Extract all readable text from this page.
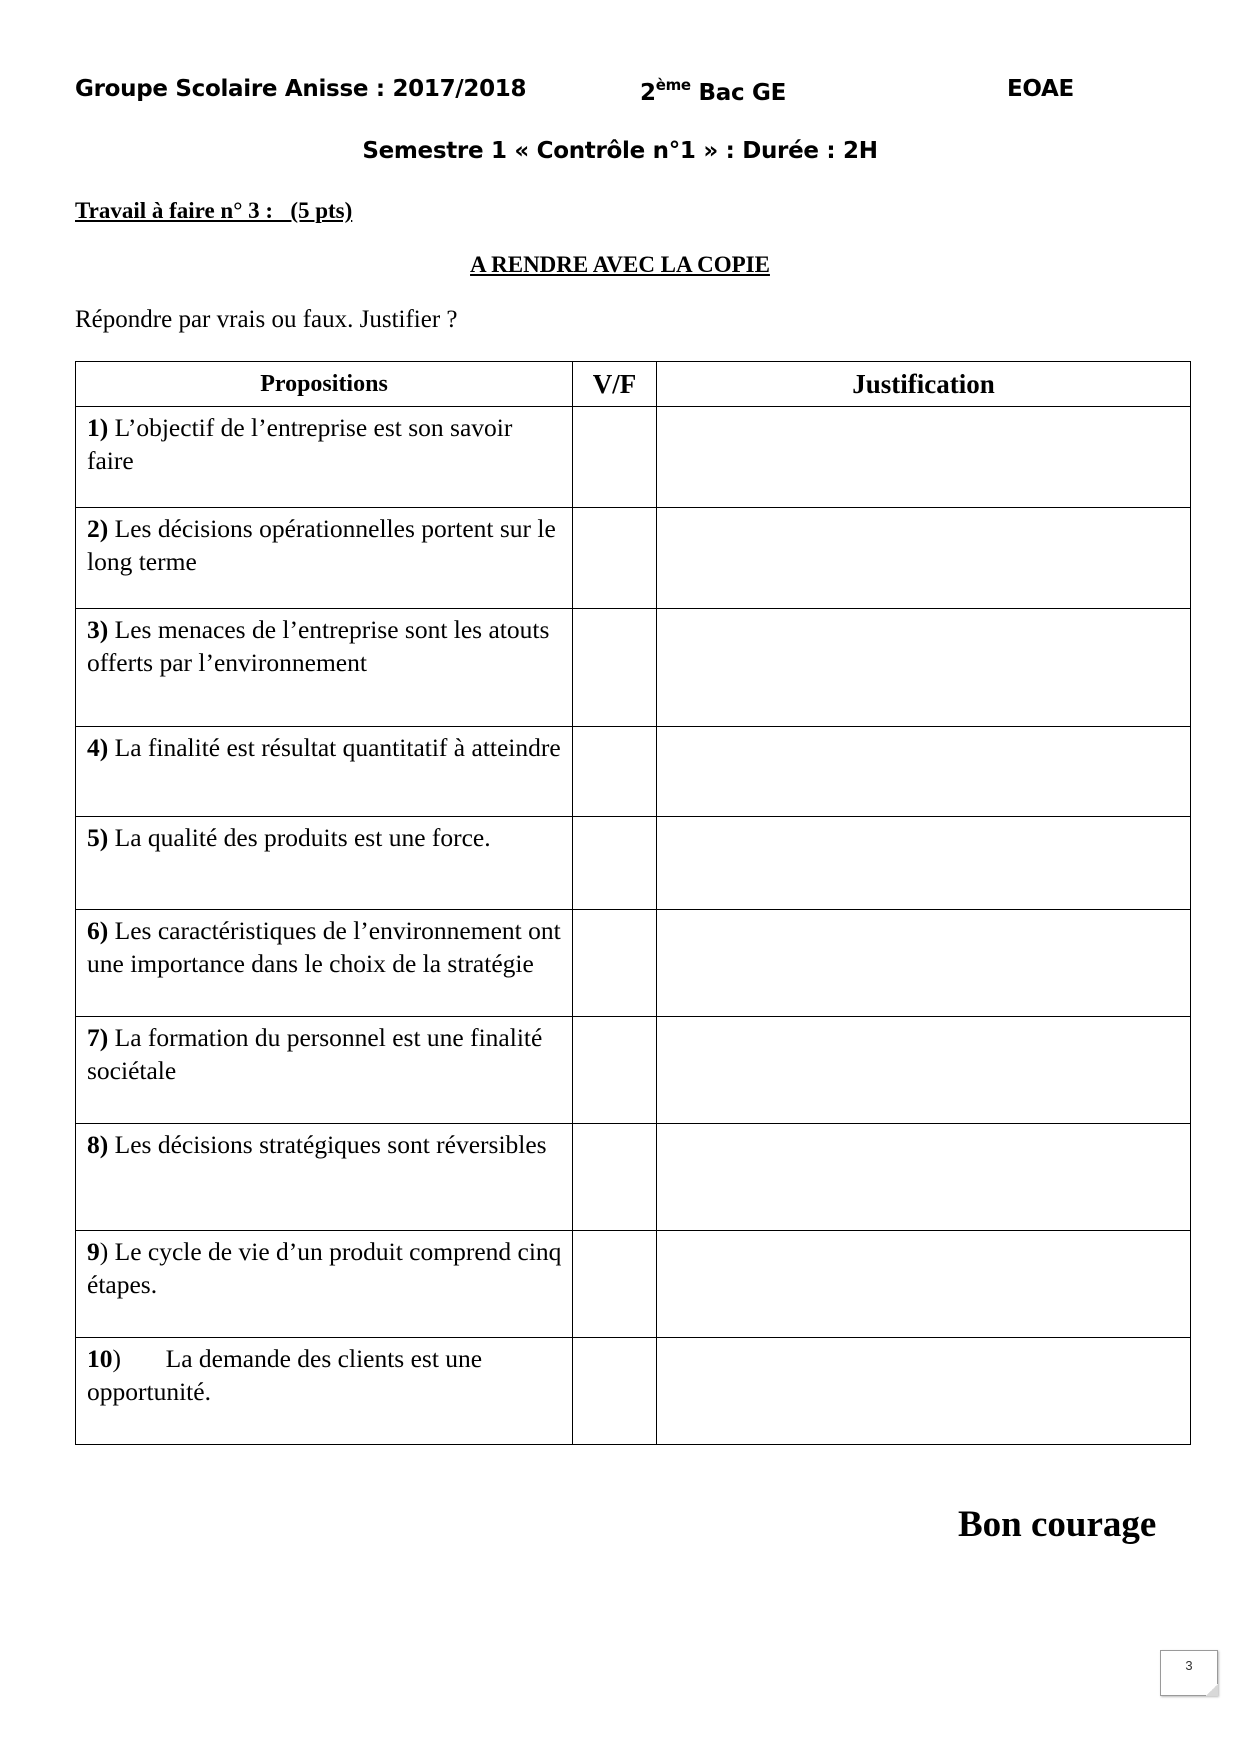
Groupe Scolaire Anisse : 2017/2018	2ème Bac GE	EOAE
Semestre 1 « Contrôle n°1 » : Durée : 2H
Travail à faire n° 3 :   (5 pts)
A RENDRE AVEC LA COPIE
Répondre par vrais ou faux. Justifier ?
Propositions	V/F	Justification
1) L’objectif de l’entreprise est son savoir faire		
2) Les décisions opérationnelles portent sur le long terme		
3) Les menaces de l’entreprise sont les atouts offerts par l’environnement		
4) La finalité est résultat quantitatif à atteindre		
5) La qualité des produits est une force.		
6) Les caractéristiques de l’environnement ont une importance dans le choix de la stratégie		
7) La formation du personnel est une finalité sociétale		
8) Les décisions stratégiques sont réversibles		
9) Le cycle de vie d’un produit comprend cinq étapes.		
10)       La demande des clients est une opportunité.		
Bon courage
3
